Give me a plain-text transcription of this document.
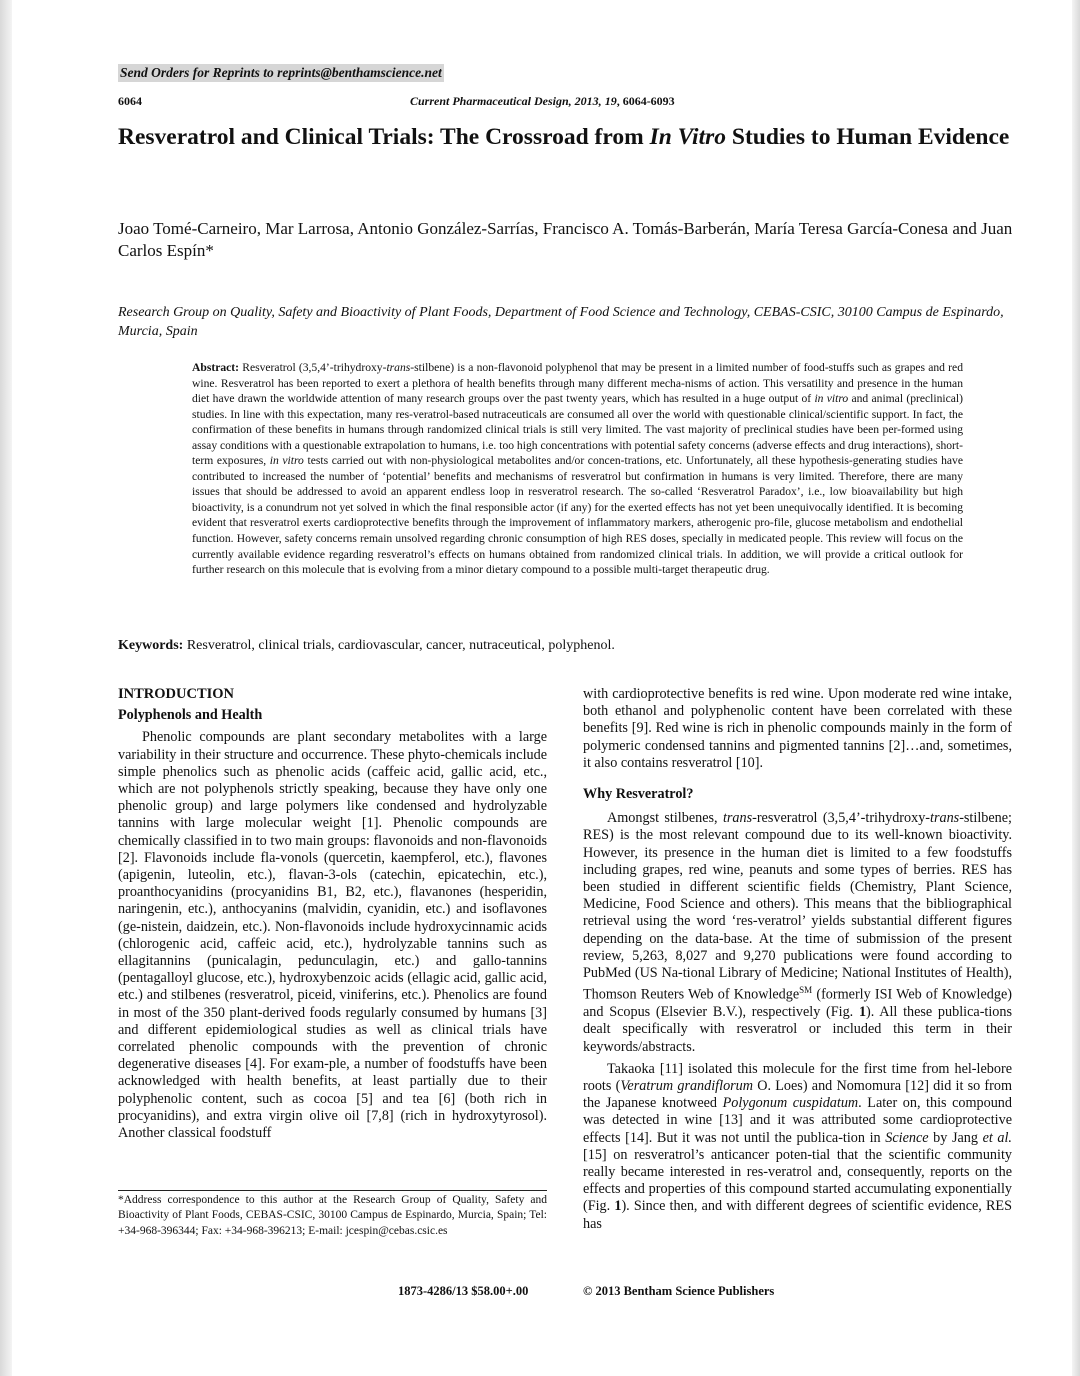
Send Orders for Reprints to reprints@benthamscience.net
6064	Current Pharmaceutical Design, 2013, 19, 6064-6093
Resveratrol and Clinical Trials: The Crossroad from In Vitro Studies to Human Evidence
Joao Tomé-Carneiro, Mar Larrosa, Antonio González-Sarrías, Francisco A. Tomás-Barberán, María Teresa García-Conesa and Juan Carlos Espín*
Research Group on Quality, Safety and Bioactivity of Plant Foods, Department of Food Science and Technology, CEBAS-CSIC, 30100 Campus de Espinardo, Murcia, Spain
Abstract: Resveratrol (3,5,4’-trihydroxy-trans-stilbene) is a non-flavonoid polyphenol that may be present in a limited number of food-stuffs such as grapes and red wine. Resveratrol has been reported to exert a plethora of health benefits through many different mecha-nisms of action. This versatility and presence in the human diet have drawn the worldwide attention of many research groups over the past twenty years, which has resulted in a huge output of in vitro and animal (preclinical) studies. In line with this expectation, many res-veratrol-based nutraceuticals are consumed all over the world with questionable clinical/scientific support. In fact, the confirmation of these benefits in humans through randomized clinical trials is still very limited. The vast majority of preclinical studies have been per-formed using assay conditions with a questionable extrapolation to humans, i.e. too high concentrations with potential safety concerns (adverse effects and drug interactions), short-term exposures, in vitro tests carried out with non-physiological metabolites and/or concen-trations, etc. Unfortunately, all these hypothesis-generating studies have contributed to increased the number of ‘potential’ benefits and mechanisms of resveratrol but confirmation in humans is very limited. Therefore, there are many issues that should be addressed to avoid an apparent endless loop in resveratrol research. The so-called ‘Resveratrol Paradox’, i.e., low bioavailability but high bioactivity, is a conundrum not yet solved in which the final responsible actor (if any) for the exerted effects has not yet been unequivocally identified. It is becoming evident that resveratrol exerts cardioprotective benefits through the improvement of inflammatory markers, atherogenic pro-file, glucose metabolism and endothelial function. However, safety concerns remain unsolved regarding chronic consumption of high RES doses, specially in medicated people. This review will focus on the currently available evidence regarding resveratrol’s effects on humans obtained from randomized clinical trials. In addition, we will provide a critical outlook for further research on this molecule that is evolving from a minor dietary compound to a possible multi-target therapeutic drug.
Keywords: Resveratrol, clinical trials, cardiovascular, cancer, nutraceutical, polyphenol.
INTRODUCTION
Polyphenols and Health

Phenolic compounds are plant secondary metabolites with a large variability in their structure and occurrence. These phyto-chemicals include simple phenolics such as phenolic acids (caffeic acid, gallic acid, etc., which are not polyphenols strictly speaking, because they have only one phenolic group) and large polymers like condensed and hydrolyzable tannins with large molecular weight [1]. Phenolic compounds are chemically classified in to two main groups: flavonoids and non-flavonoids [2]. Flavonoids include fla-vonols (quercetin, kaempferol, etc.), flavones (apigenin, luteolin, etc.), flavan-3-ols (catechin, epicatechin, etc.), proanthocyanidins (procyanidins B1, B2, etc.), flavanones (hesperidin, naringenin, etc.), anthocyanins (malvidin, cyanidin, etc.) and isoflavones (ge-nistein, daidzein, etc.). Non-flavonoids include hydroxycinnamic acids (chlorogenic acid, caffeic acid, etc.), hydrolyzable tannins such as ellagitannins (punicalagin, pedunculagin, etc.) and gallo-tannins (pentagalloyl glucose, etc.), hydroxybenzoic acids (ellagic acid, gallic acid, etc.) and stilbenes (resveratrol, piceid, viniferins, etc.). Phenolics are found in most of the 350 plant-derived foods regularly consumed by humans [3] and different epidemiological studies as well as clinical trials have correlated phenolic compounds with the prevention of chronic degenerative diseases [4]. For exam-ple, a number of foodstuffs have been acknowledged with health benefits, at least partially due to their polyphenolic content, such as cocoa [5] and tea [6] (both rich in procyanidins), and extra virgin olive oil [7,8] (rich in hydroxytyrosol). Another classical foodstuff

*Address correspondence to this author at the Research Group of Quality, Safety and Bioactivity of Plant Foods, CEBAS-CSIC, 30100 Campus de Espinardo, Murcia, Spain; Tel: +34-968-396344; Fax: +34-968-396213; E-mail: jcespin@cebas.csic.es

with cardioprotective benefits is red wine. Upon moderate red wine intake, both ethanol and polyphenolic content have been correlated with these benefits [9]. Red wine is rich in phenolic compounds mainly in the form of polymeric condensed tannins and pigmented tannins [2]…and, sometimes, it also contains resveratrol [10].

Why Resveratrol?

Amongst stilbenes, trans-resveratrol (3,5,4’-trihydroxy-trans-stilbene; RES) is the most relevant compound due to its well-known bioactivity. However, its presence in the human diet is limited to a few foodstuffs including grapes, red wine, peanuts and some types of berries. RES has been studied in different scientific fields (Chemistry, Plant Science, Medicine, Food Science and others). This means that the bibliographical retrieval using the word ‘res-veratrol’ yields substantial different figures depending on the data-base. At the time of submission of the present review, 5,263, 8,027 and 9,270 publications were found according to PubMed (US Na-tional Library of Medicine; National Institutes of Health), Thomson Reuters Web of Knowledge℠ (formerly ISI Web of Knowledge) and Scopus (Elsevier B.V.), respectively (Fig. 1). All these publica-tions dealt specifically with resveratrol or included this term in their keywords/abstracts.

Takaoka [11] isolated this molecule for the first time from hel-lebore roots (Veratrum grandiflorum O. Loes) and Nomomura [12] did it so from the Japanese knotweed Polygonum cuspidatum. Later on, this compound was detected in wine [13] and it was attributed some cardioprotective effects [14]. But it was not until the publica-tion in Science by Jang et al. [15] on resveratrol’s anticancer poten-tial that the scientific community really became interested in res-veratrol and, consequently, reports on the effects and properties of this compound started accumulating exponentially (Fig. 1). Since then, and with different degrees of scientific evidence, RES has

1873-4286/13 $58.00+.00	© 2013 Bentham Science Publishers
